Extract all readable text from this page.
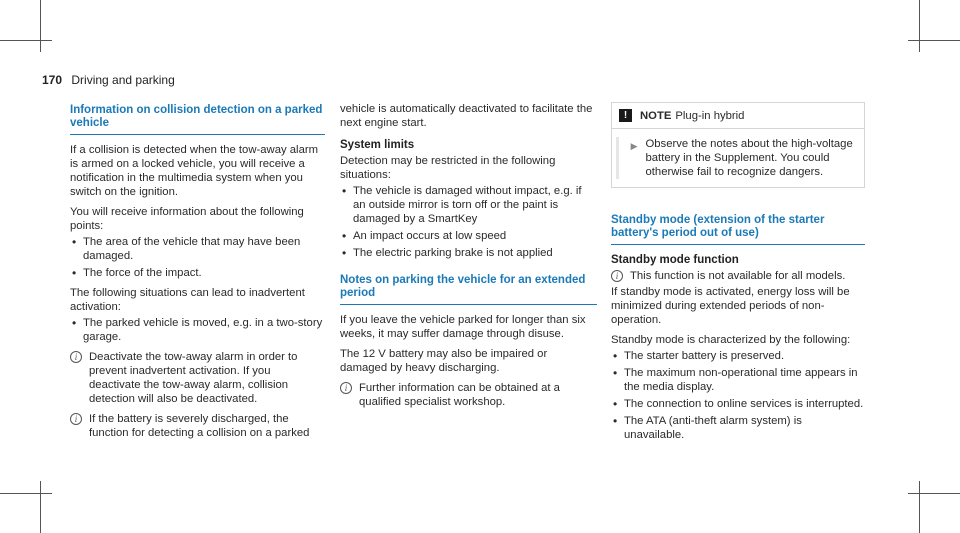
170 Driving and parking
Information on collision detection on a parked vehicle

If a collision is detected when the tow-away alarm is armed on a locked vehicle, you will receive a notification in the multimedia system when you switch on the ignition.

You will receive information about the following points:

• The area of the vehicle that may have been damaged.
• The force of the impact.

The following situations can lead to inadvertent activation:

• The parked vehicle is moved, e.g. in a two-story garage.
i	Deactivate the tow-away alarm in order to prevent inadvertent activation. If you deactivate the tow-away alarm, collision detection will also be deactivated.
i	If the battery is severely discharged, the function for detecting a collision on a parked

vehicle is automatically deactivated to facilitate the next engine start.

System limits

Detection may be restricted in the following situations:

• The vehicle is damaged without impact, e.g. if an outside mirror is torn off or the paint is damaged by a SmartKey
• An impact occurs at low speed
• The electric parking brake is not applied
Notes on parking the vehicle for an extended period

If you leave the vehicle parked for longer than six weeks, it may suffer damage through disuse.

The 12 V battery may also be impaired or damaged by heavy discharging.

i	Further information can be obtained at a qualified specialist workshop.
!	NOTE Plug-in hybrid
▶ Observe the notes about the high-voltage battery in the Supplement. You could otherwise fail to recognize dangers.
Standby mode (extension of the starter battery's period out of use)
Standby mode function
i	This function is not available for all models.

If standby mode is activated, energy loss will be minimized during extended periods of non-operation.

Standby mode is characterized by the following:

• The starter battery is preserved.
• The maximum non-operational time appears in the media display.
• The connection to online services is interrupted.
• The ATA (anti-theft alarm system) is unavailable.
